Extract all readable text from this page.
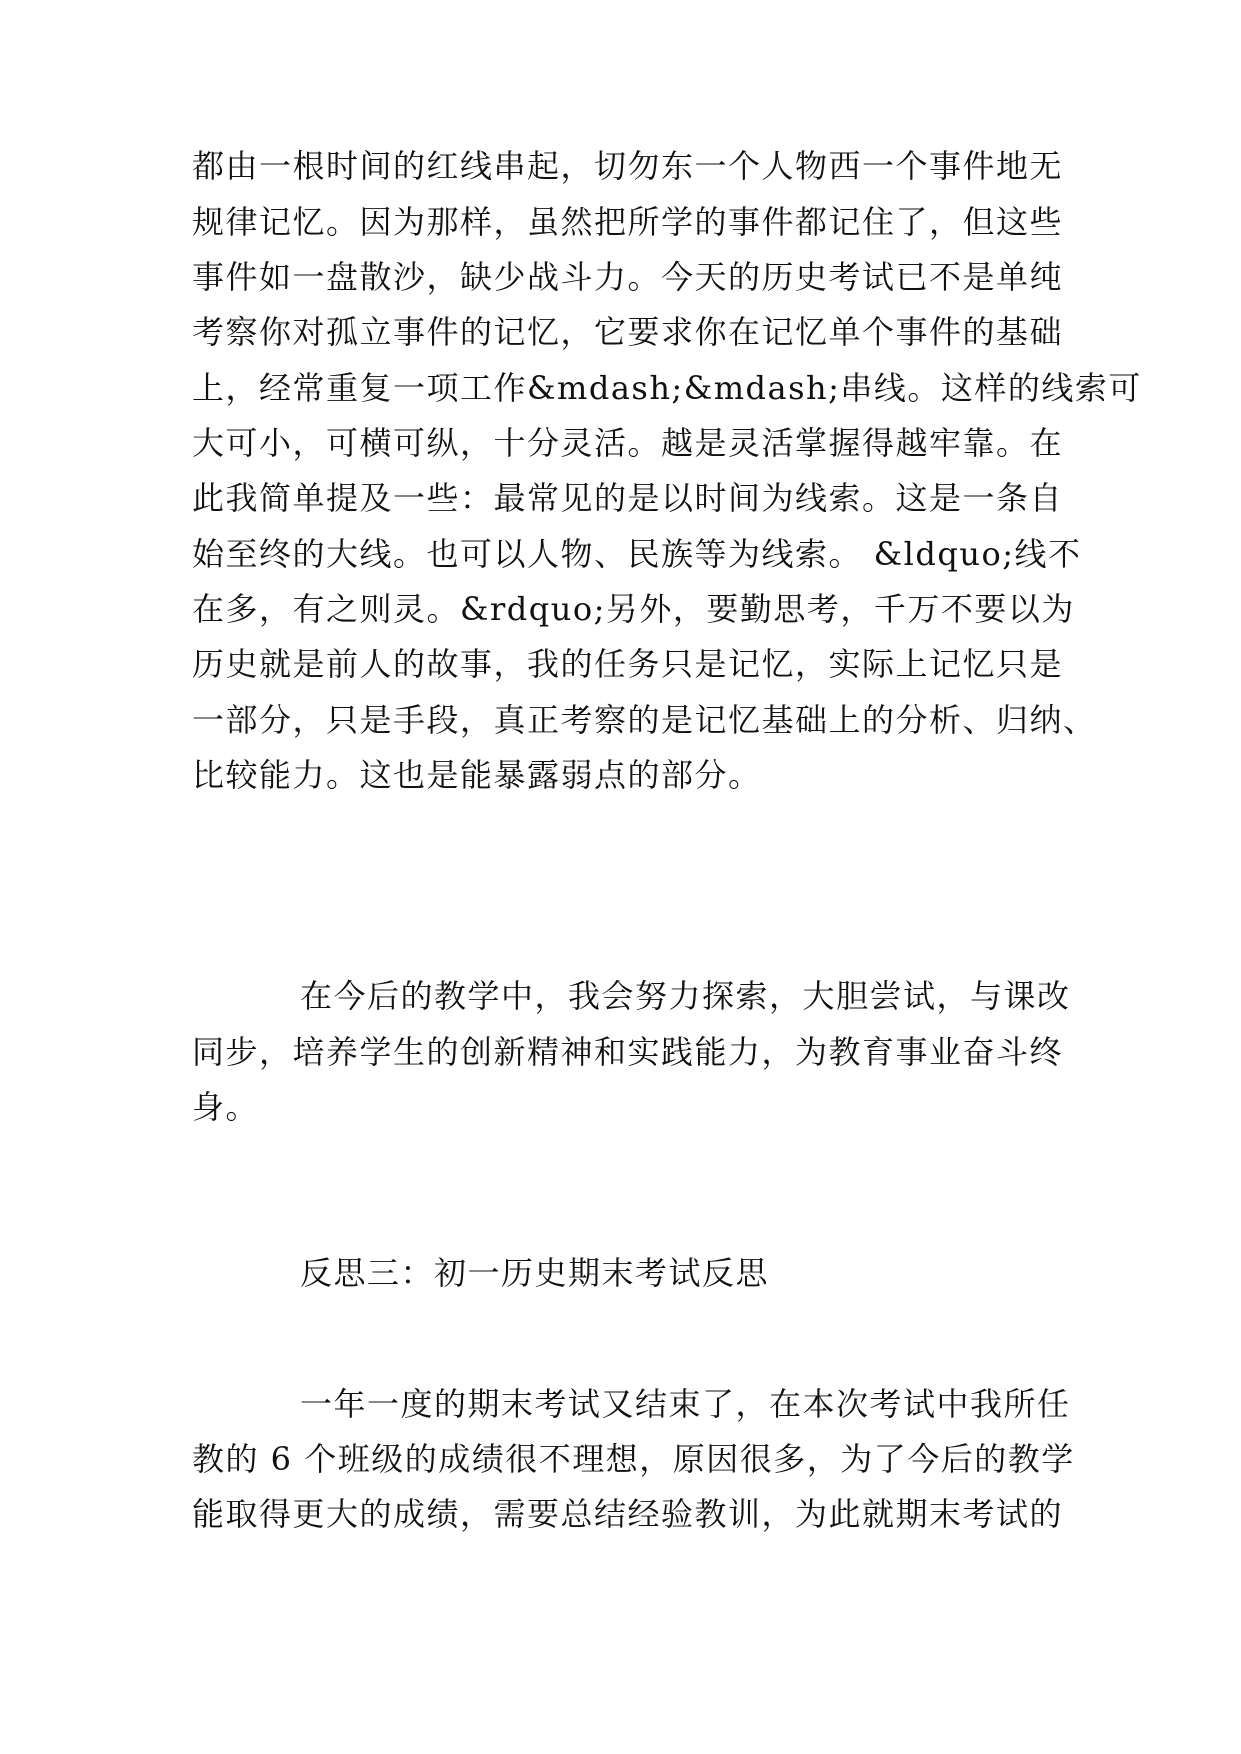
都由一根时间的红线串起，切勿东一个人物西一个事件地无
规律记忆。因为那样，虽然把所学的事件都记住了，但这些
事件如一盘散沙，缺少战斗力。今天的历史考试已不是单纯
考察你对孤立事件的记忆，它要求你在记忆单个事件的基础
上，经常重复一项工作&mdash;&mdash;串线。这样的线索可
大可小，可横可纵，十分灵活。越是灵活掌握得越牢靠。在
此我简单提及一些：最常见的是以时间为线索。这是一条自
始至终的大线。也可以人物、民族等为线索。 &ldquo;线不
在多，有之则灵。&rdquo;另外，要勤思考，千万不要以为
历史就是前人的故事，我的任务只是记忆，实际上记忆只是
一部分，只是手段，真正考察的是记忆基础上的分析、归纳、
比较能力。这也是能暴露弱点的部分。
在今后的教学中，我会努力探索，大胆尝试，与课改
同步，培养学生的创新精神和实践能力，为教育事业奋斗终
身。
反思三：初一历史期末考试反思
一年一度的期末考试又结束了，在本次考试中我所任
教的 6 个班级的成绩很不理想，原因很多，为了今后的教学
能取得更大的成绩，需要总结经验教训，为此就期末考试的
